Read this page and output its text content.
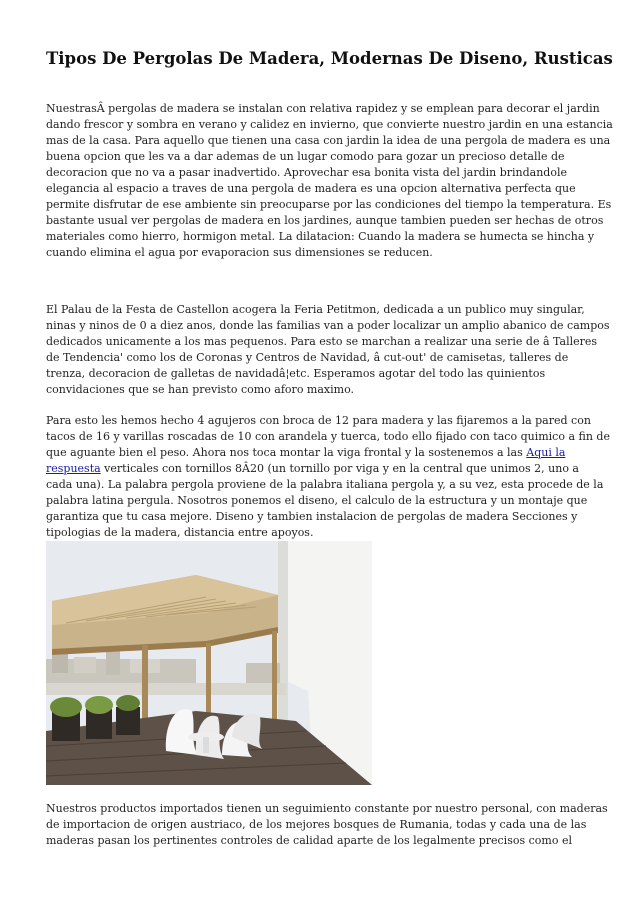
Tipos De Pergolas De Madera, Modernas De Diseno, Rusticas

NuestrasÂ pergolas de madera se instalan con relativa rapidez y se emplean para decorar el jardin
dando frescor y sombra en verano y calidez en invierno, que convierte nuestro jardin en una estancia
mas de la casa. Para aquello que tienen una casa con jardin la idea de una pergola de madera es una
buena opcion que les va a dar ademas de un lugar comodo para gozar un precioso detalle de
decoracion que no va a pasar inadvertido. Aprovechar esa bonita vista del jardin brindandole
elegancia al espacio a traves de una pergola de madera es una opcion alternativa perfecta que
permite disfrutar de ese ambiente sin preocuparse por las condiciones del tiempo la temperatura. Es
bastante usual ver pergolas de madera en los jardines, aunque tambien pueden ser hechas de otros
materiales como hierro, hormigon metal. La dilatacion: Cuando la madera se humecta se hincha y
cuando elimina el agua por evaporacion sus dimensiones se reducen.

El Palau de la Festa de Castellon acogera la Feria Petitmon, dedicada a un publico muy singular,
ninas y ninos de 0 a diez anos, donde las familias van a poder localizar un amplio abanico de campos
dedicados unicamente a los mas pequenos. Para esto se marchan a realizar una serie de â Talleres
de Tendencia' como los de Coronas y Centros de Navidad, â cut-out' de camisetas, talleres de
trenza, decoracion de galletas de navidadâ¦etc. Esperamos agotar del todo las quinientos
convidaciones que se han previsto como aforo maximo.

Para esto les hemos hecho 4 agujeros con broca de 12 para madera y las fijaremos a la pared con
tacos de 16 y varillas roscadas de 10 con arandela y tuerca, todo ello fijado con taco quimico a fin de
que aguante bien el peso. Ahora nos toca montar la viga frontal y la sostenemos a las Aqui la
respuesta verticales con tornillos 8Â20 (un tornillo por viga y en la central que unimos 2, uno a
cada una). La palabra pergola proviene de la palabra italiana pergola y, a su vez, esta procede de la
palabra latina pergula. Nosotros ponemos el diseno, el calculo de la estructura y un montaje que
garantiza que tu casa mejore. Diseno y tambien instalacion de pergolas de madera Secciones y
tipologias de la madera, distancia entre apoyos.

Nuestros productos importados tienen un seguimiento constante por nuestro personal, con maderas
de importacion de origen austriaco, de los mejores bosques de Rumania, todas y cada una de las
maderas pasan los pertinentes controles de calidad aparte de los legalmente precisos como el
